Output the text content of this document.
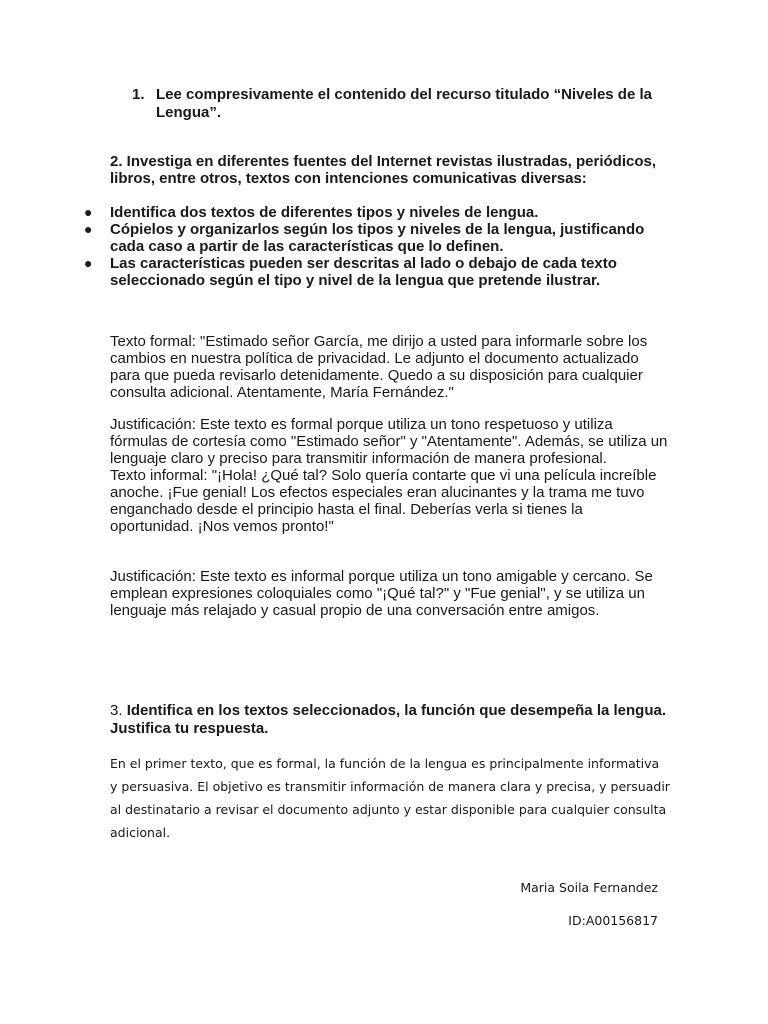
1. Lee compresivamente el contenido del recurso titulado “Niveles de la Lengua”.
2. Investiga en diferentes fuentes del Internet revistas ilustradas, periódicos, libros, entre otros, textos con intenciones comunicativas diversas:
● Identifica dos textos de diferentes tipos y niveles de lengua.
● Cópielos y organizarlos según los tipos y niveles de la lengua, justificando cada caso a partir de las características que lo definen.
● Las características pueden ser descritas al lado o debajo de cada texto seleccionado según el tipo y nivel de la lengua que pretende ilustrar.
Texto formal: "Estimado señor García, me dirijo a usted para informarle sobre los cambios en nuestra política de privacidad. Le adjunto el documento actualizado para que pueda revisarlo detenidamente. Quedo a su disposición para cualquier consulta adicional. Atentamente, María Fernández."
Justificación: Este texto es formal porque utiliza un tono respetuoso y utiliza fórmulas de cortesía como "Estimado señor" y "Atentamente". Además, se utiliza un lenguaje claro y preciso para transmitir información de manera profesional.
Texto informal: "¡Hola! ¿Qué tal? Solo quería contarte que vi una película increíble anoche. ¡Fue genial! Los efectos especiales eran alucinantes y la trama me tuvo enganchado desde el principio hasta el final. Deberías verla si tienes la oportunidad. ¡Nos vemos pronto!"
Justificación: Este texto es informal porque utiliza un tono amigable y cercano. Se emplean expresiones coloquiales como "¡Qué tal?" y "Fue genial", y se utiliza un lenguaje más relajado y casual propio de una conversación entre amigos.
3. Identifica en los textos seleccionados, la función que desempeña la lengua. Justifica tu respuesta.
En el primer texto, que es formal, la función de la lengua es principalmente informativa y persuasiva. El objetivo es transmitir información de manera clara y precisa, y persuadir al destinatario a revisar el documento adjunto y estar disponible para cualquier consulta adicional.
Maria Soila Fernandez
ID:A00156817
